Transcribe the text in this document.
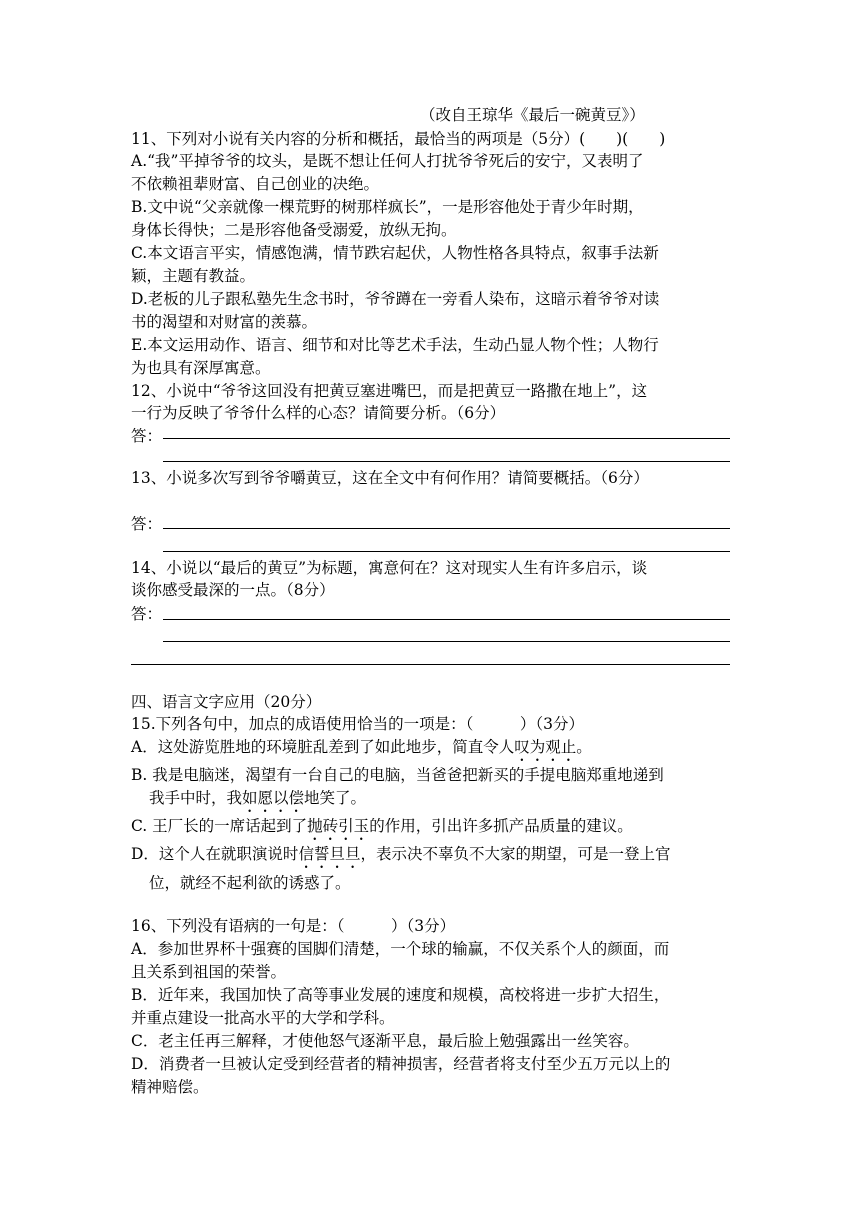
（改自王琼华《最后一碗黄豆》）
11、下列对小说有关内容的分析和概括，最恰当的两项是（5分）(　　)(　　)
A.“我”平掉爷爷的坟头，是既不想让任何人打扰爷爷死后的安宁，又表明了
不依赖祖辈财富、自己创业的决绝。
B.文中说“父亲就像一棵荒野的树那样疯长”，一是形容他处于青少年时期，
身体长得快；二是形容他备受溺爱，放纵无拘。
C.本文语言平实，情感饱满，情节跌宕起伏，人物性格各具特点，叙事手法新
颖，主题有教益。
D.老板的儿子跟私塾先生念书时，爷爷蹲在一旁看人染布，这暗示着爷爷对读
书的渴望和对财富的羡慕。
E.本文运用动作、语言、细节和对比等艺术手法，生动凸显人物个性；人物行
为也具有深厚寓意。
12、小说中“爷爷这回没有把黄豆塞进嘴巴，而是把黄豆一路撒在地上”，这
一行为反映了爷爷什么样的心态？请简要分析。（6分）
答：
13、小说多次写到爷爷嚼黄豆，这在全文中有何作用？请简要概括。（6分）
答：
14、小说以“最后的黄豆”为标题，寓意何在？这对现实人生有许多启示，谈
谈你感受最深的一点。（8分）
答：
四、语言文字应用（20分）
15.下列各句中，加点的成语使用恰当的一项是：（　　　）（3分）
A．这处游览胜地的环境脏乱差到了如此地步，简直令人叹为观止。
B. 我是电脑迷，渴望有一台自己的电脑，当爸爸把新买的手提电脑郑重地递到
我手中时，我如愿以偿地笑了。
C. 王厂长的一席话起到了抛砖引玉的作用，引出许多抓产品质量的建议。
D．这个人在就职演说时信誓旦旦，表示决不辜负不大家的期望，可是一登上官
位，就经不起利欲的诱惑了。
16、下列没有语病的一句是：（　　　）（3分）
A．参加世界杯十强赛的国脚们清楚，一个球的输赢，不仅关系个人的颜面，而
且关系到祖国的荣誉。
B．近年来，我国加快了高等事业发展的速度和规模，高校将进一步扩大招生，
并重点建设一批高水平的大学和学科。
C．老主任再三解释，才使他怒气逐渐平息，最后脸上勉强露出一丝笑容。
D．消费者一旦被认定受到经营者的精神损害，经营者将支付至少五万元以上的
精神赔偿。
